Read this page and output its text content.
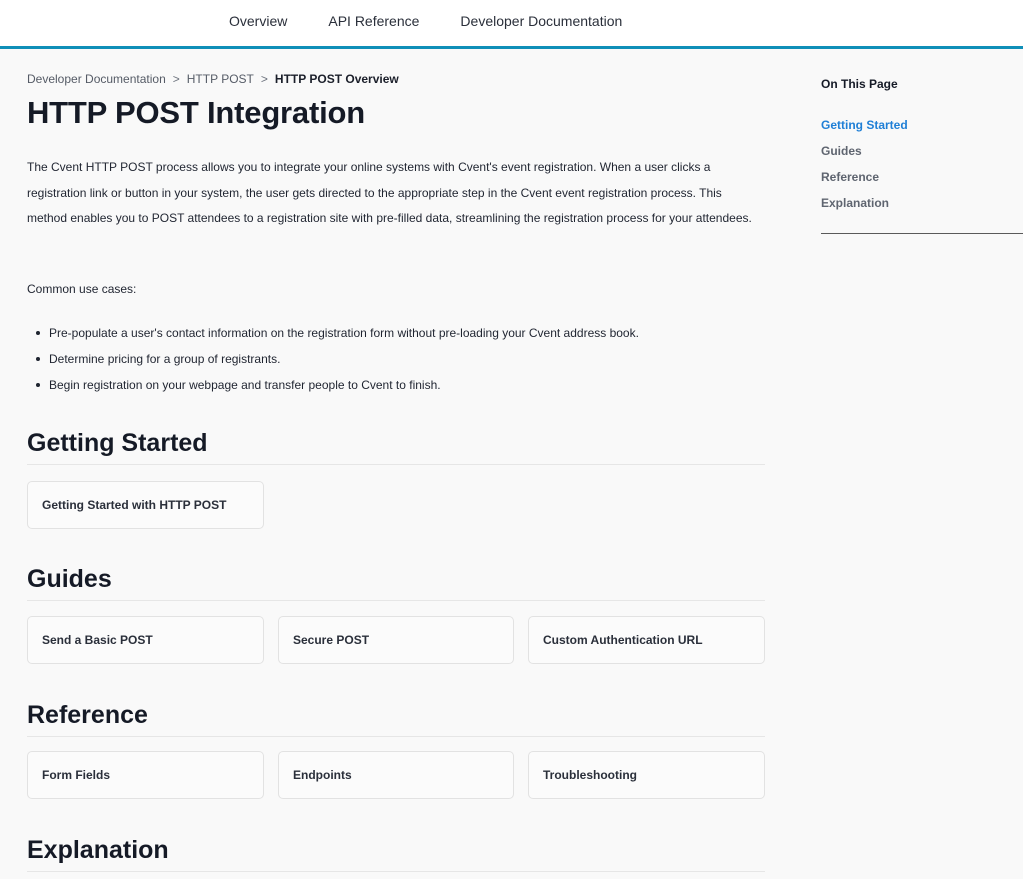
Overview	API Reference	Developer Documentation
Developer Documentation > HTTP POST > HTTP POST Overview
HTTP POST Integration

The Cvent HTTP POST process allows you to integrate your online systems with Cvent's event registration. When a user clicks a registration link or button in your system, the user gets directed to the appropriate step in the Cvent event registration process. This method enables you to POST attendees to a registration site with pre-filled data, streamlining the registration process for your attendees.

Common use cases:

Pre-populate a user's contact information on the registration form without pre-loading your Cvent address book.
Determine pricing for a group of registrants.
Begin registration on your webpage and transfer people to Cvent to finish.
Getting Started
Getting Started with HTTP POST
Guides
Send a Basic POST	Secure POST	Custom Authentication URL
Reference
Form Fields	Endpoints	Troubleshooting
Explanation
On This Page
Getting Started
Guides
Reference
Explanation
